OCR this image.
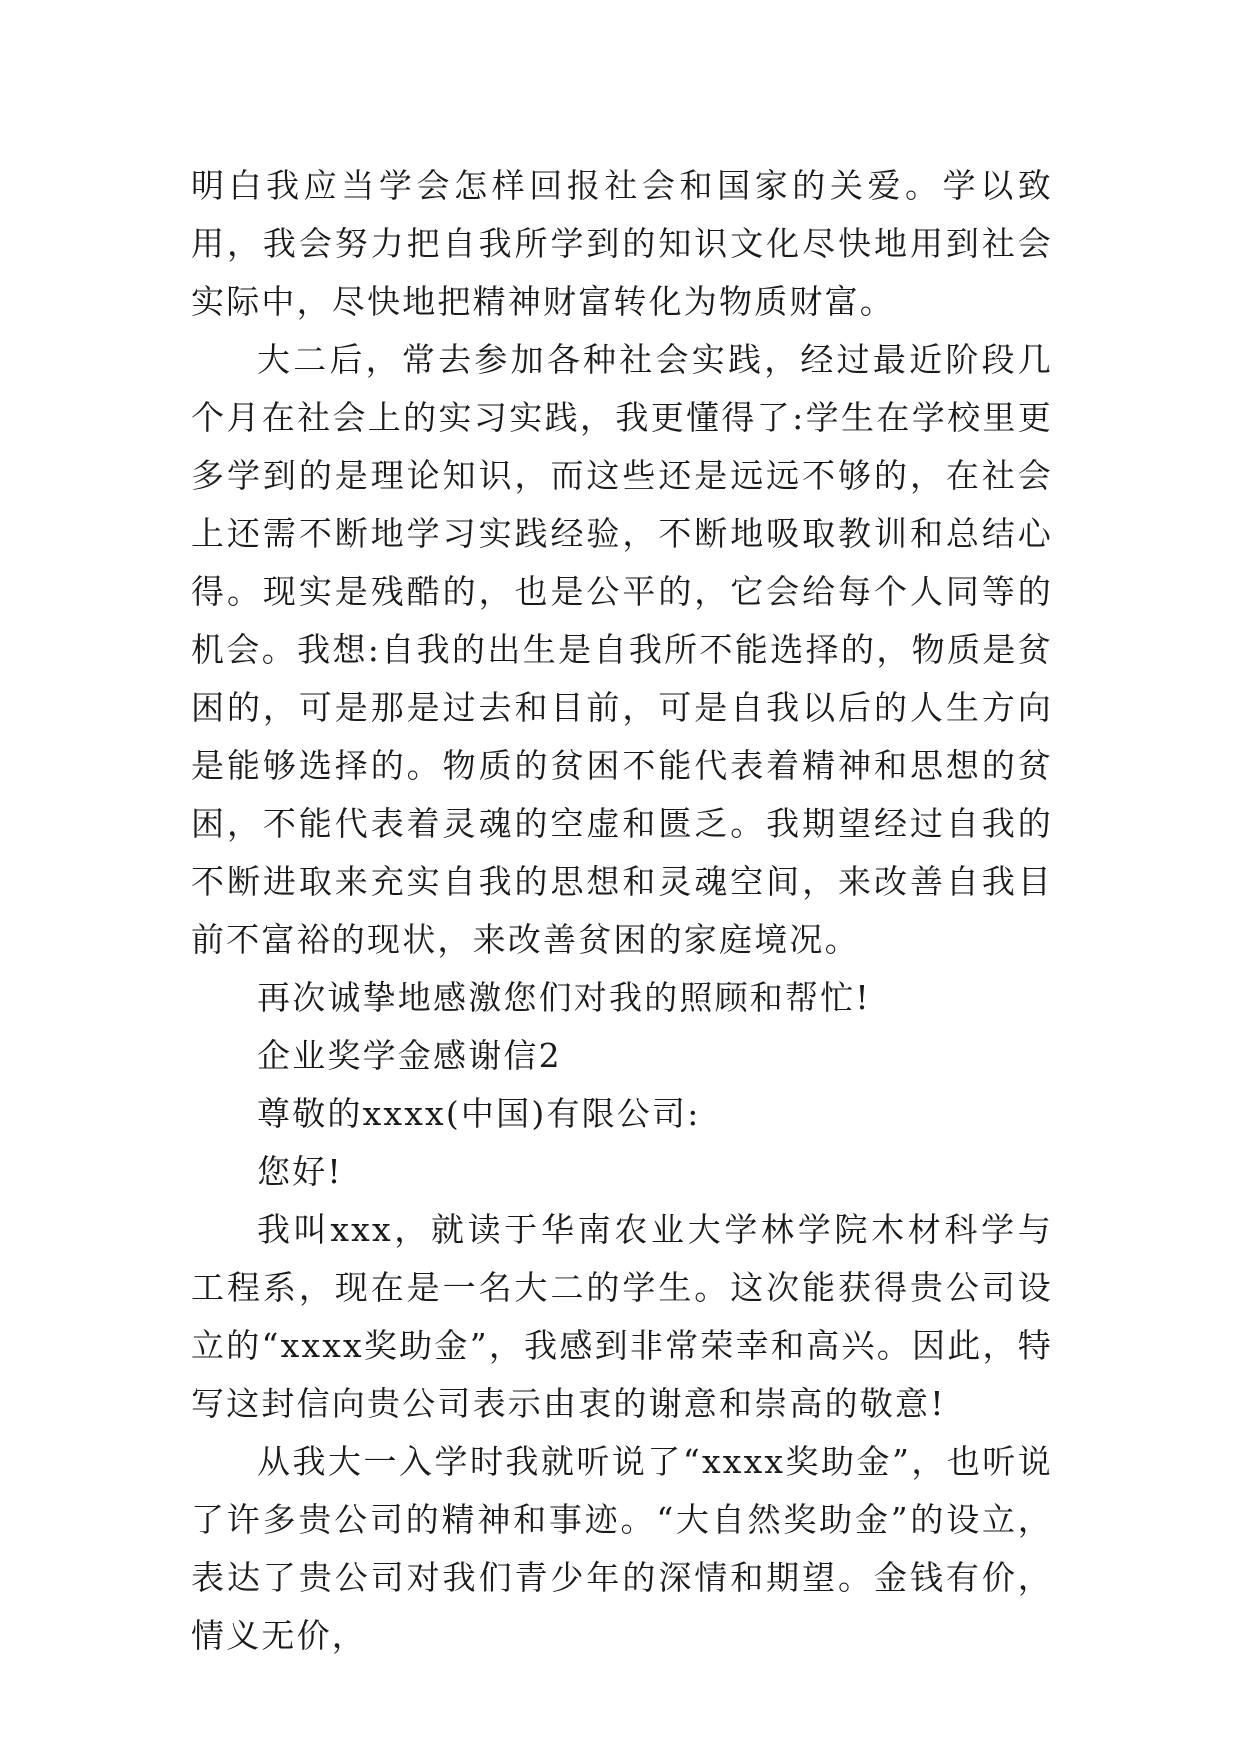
明白我应当学会怎样回报社会和国家的关爱。学以致用，我会努力把自我所学到的知识文化尽快地用到社会实际中，尽快地把精神财富转化为物质财富。

大二后，常去参加各种社会实践，经过最近阶段几个月在社会上的实习实践，我更懂得了:学生在学校里更多学到的是理论知识，而这些还是远远不够的，在社会上还需不断地学习实践经验，不断地吸取教训和总结心得。现实是残酷的，也是公平的，它会给每个人同等的机会。我想:自我的出生是自我所不能选择的，物质是贫困的，可是那是过去和目前，可是自我以后的人生方向是能够选择的。物质的贫困不能代表着精神和思想的贫困，不能代表着灵魂的空虚和匮乏。我期望经过自我的不断进取来充实自我的思想和灵魂空间，来改善自我目前不富裕的现状，来改善贫困的家庭境况。

再次诚挚地感激您们对我的照顾和帮忙!

企业奖学金感谢信2

尊敬的xxxx(中国)有限公司:

您好!

我叫xxx，就读于华南农业大学林学院木材科学与工程系，现在是一名大二的学生。这次能获得贵公司设立的“xxxx奖助金”，我感到非常荣幸和高兴。因此，特写这封信向贵公司表示由衷的谢意和崇高的敬意!

从我大一入学时我就听说了“xxxx奖助金”，也听说了许多贵公司的精神和事迹。“大自然奖助金”的设立，表达了贵公司对我们青少年的深情和期望。金钱有价，情义无价，
